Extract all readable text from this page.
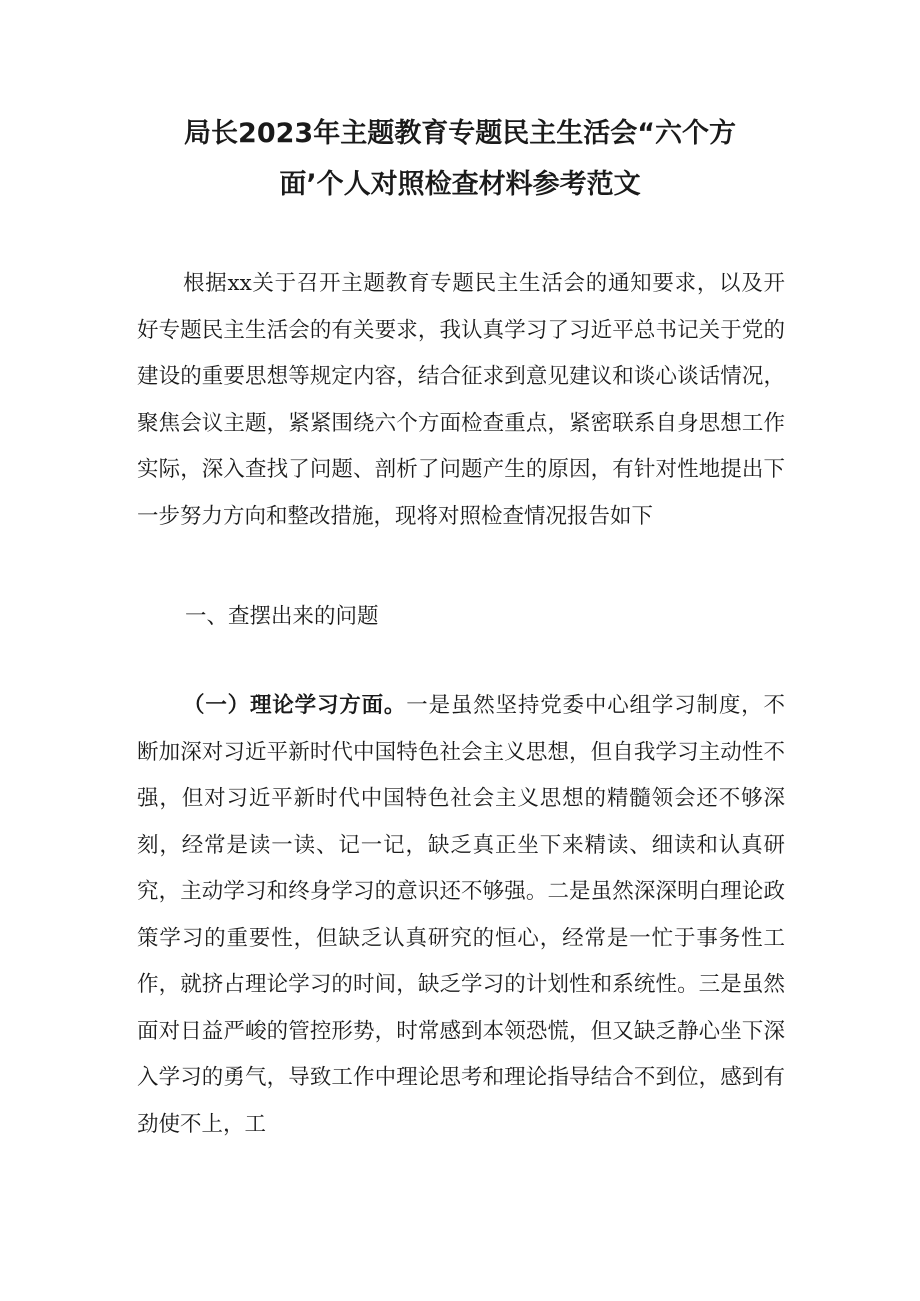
局长2023年主题教育专题民主生活会“六个方
面’个人对照检查材料参考范文
根据xx关于召开主题教育专题民主生活会的通知要求，以及开好专题民主生活会的有关要求，我认真学习了习近平总书记关于党的建设的重要思想等规定内容，结合征求到意见建议和谈心谈话情况，聚焦会议主题，紧紧围绕六个方面检查重点，紧密联系自身思想工作实际，深入查找了问题、剖析了问题产生的原因，有针对性地提出下一步努力方向和整改措施，现将对照检查情况报告如下
一、查摆出来的问题
（一）理论学习方面。一是虽然坚持党委中心组学习制度，不断加深对习近平新时代中国特色社会主义思想，但自我学习主动性不强，但对习近平新时代中国特色社会主义思想的精髓领会还不够深刻，经常是读一读、记一记，缺乏真正坐下来精读、细读和认真研究，主动学习和终身学习的意识还不够强。二是虽然深深明白理论政策学习的重要性，但缺乏认真研究的恒心，经常是一忙于事务性工作，就挤占理论学习的时间，缺乏学习的计划性和系统性。三是虽然面对日益严峻的管控形势，时常感到本领恐慌，但又缺乏静心坐下深入学习的勇气，导致工作中理论思考和理论指导结合不到位，感到有劲使不上，工
